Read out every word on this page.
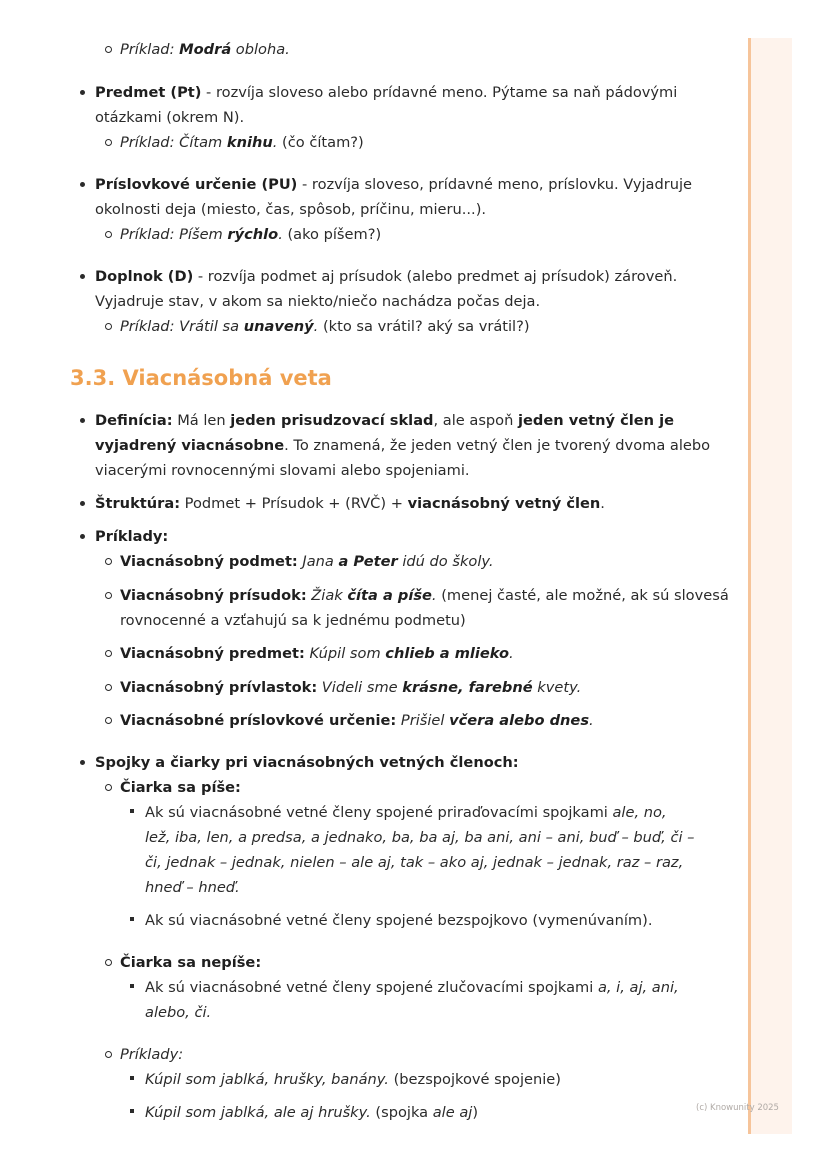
Príklad: Modrá obloha.
Predmet (Pt) - rozvíja sloveso alebo prídavné meno. Pýtame sa naň pádovými
otázkami (okrem N).
Príklad: Čítam knihu. (čo čítam?)
Príslovkové určenie (PU) - rozvíja sloveso, prídavné meno, príslovku. Vyjadruje
okolnosti deja (miesto, čas, spôsob, príčinu, mieru...).
Príklad: Píšem rýchlo. (ako píšem?)
Doplnok (D) - rozvíja podmet aj prísudok (alebo predmet aj prísudok) zároveň.
Vyjadruje stav, v akom sa niekto/niečo nachádza počas deja.
Príklad: Vrátil sa unavený. (kto sa vrátil? aký sa vrátil?)
3.3. Viacnásobná veta
Definícia: Má len jeden prisudzovací sklad, ale aspoň jeden vetný člen je
vyjadrený viacnásobne. To znamená, že jeden vetný člen je tvorený dvoma alebo
viacerými rovnocennými slovami alebo spojeniami.
Štruktúra: Podmet + Prísudok + (RVČ) + viacnásobný vetný člen.
Príklady:
Viacnásobný podmet: Jana a Peter idú do školy.
Viacnásobný prísudok: Žiak číta a píše. (menej časté, ale možné, ak sú slovesá
rovnocenné a vzťahujú sa k jednému podmetu)
Viacnásobný predmet: Kúpil som chlieb a mlieko.
Viacnásobný prívlastok: Videli sme krásne, farebné kvety.
Viacnásobné príslovkové určenie: Prišiel včera alebo dnes.
Spojky a čiarky pri viacnásobných vetných členoch:
Čiarka sa píše:
Ak sú viacnásobné vetné členy spojené priraďovacími spojkami ale, no,
lež, iba, len, a predsa, a jednako, ba, ba aj, ba ani, ani – ani, buď – buď, či –
či, jednak – jednak, nielen – ale aj, tak – ako aj, jednak – jednak, raz – raz,
hneď – hneď.
Ak sú viacnásobné vetné členy spojené bezspojkovo (vymenúvaním).
Čiarka sa nepíše:
Ak sú viacnásobné vetné členy spojené zlučovacími spojkami a, i, aj, ani,
alebo, či.
Príklady:
Kúpil som jablká, hrušky, banány. (bezspojkové spojenie)
Kúpil som jablká, ale aj hrušky. (spojka ale aj)	(c) Knowunity 2025
